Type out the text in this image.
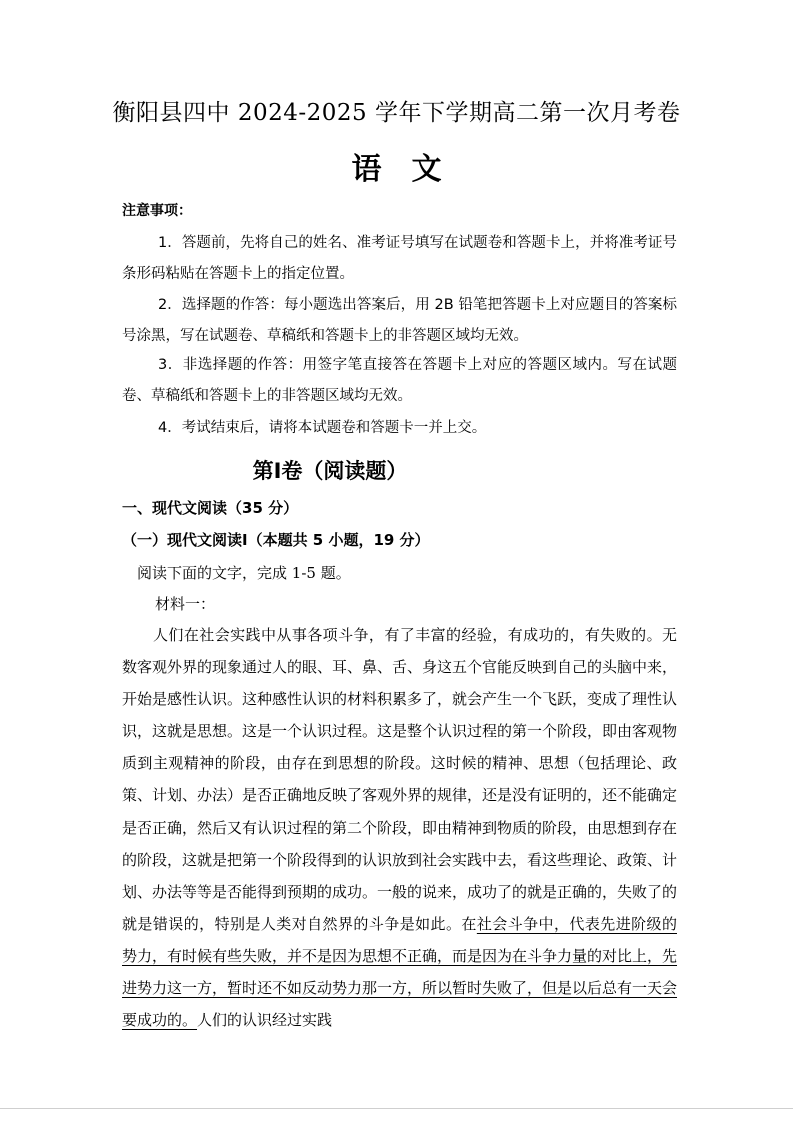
衡阳县四中 2024-2025 学年下学期高二第一次月考卷
语　文
注意事项：
1．答题前，先将自己的姓名、准考证号填写在试题卷和答题卡上，并将准考证号条形码粘贴在答题卡上的指定位置。
2．选择题的作答：每小题选出答案后，用 2B 铅笔把答题卡上对应题目的答案标号涂黑，写在试题卷、草稿纸和答题卡上的非答题区域均无效。
3．非选择题的作答：用签字笔直接答在答题卡上对应的答题区域内。写在试题卷、草稿纸和答题卡上的非答题区域均无效。
4．考试结束后，请将本试题卷和答题卡一并上交。
第Ⅰ卷（阅读题）
一、现代文阅读（35 分）
（一）现代文阅读Ⅰ（本题共 5 小题，19 分）
阅读下面的文字，完成 1-5 题。
材料一：
人们在社会实践中从事各项斗争，有了丰富的经验，有成功的，有失败的。无数客观外界的现象通过人的眼、耳、鼻、舌、身这五个官能反映到自己的头脑中来，开始是感性认识。这种感性认识的材料积累多了，就会产生一个飞跃，变成了理性认识，这就是思想。这是一个认识过程。这是整个认识过程的第一个阶段，即由客观物质到主观精神的阶段，由存在到思想的阶段。这时候的精神、思想（包括理论、政策、计划、办法）是否正确地反映了客观外界的规律，还是没有证明的，还不能确定是否正确，然后又有认识过程的第二个阶段，即由精神到物质的阶段，由思想到存在的阶段，这就是把第一个阶段得到的认识放到社会实践中去，看这些理论、政策、计划、办法等等是否能得到预期的成功。一般的说来，成功了的就是正确的，失败了的就是错误的，特别是人类对自然界的斗争是如此。在社会斗争中，代表先进阶级的势力，有时候有些失败，并不是因为思想不正确，而是因为在斗争力量的对比上，先进势力这一方，暂时还不如反动势力那一方，所以暂时失败了，但是以后总有一天会要成功的。人们的认识经过实践
